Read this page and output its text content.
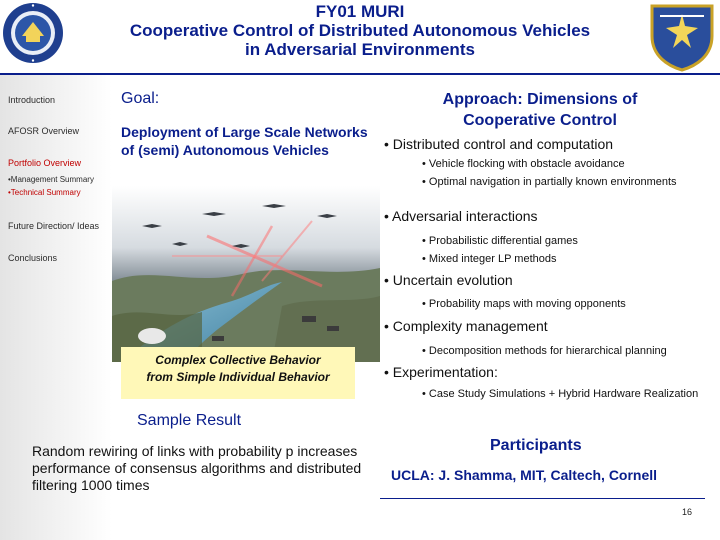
FY01 MURI
Cooperative Control of Distributed Autonomous Vehicles
in Adversarial Environments
Introduction
AFOSR Overview
Portfolio Overview
•Management Summary
•Technical Summary
Future Direction/ Ideas
Conclusions
Goal:
Deployment of Large Scale Networks of (semi) Autonomous Vehicles
Complex Collective Behavior
from Simple Individual Behavior
Sample Result
Random rewiring of links with probability p increases performance of consensus algorithms and distributed filtering 1000 times
Approach: Dimensions of
Cooperative Control
• Distributed control and computation
• Vehicle flocking with obstacle avoidance
• Optimal navigation in partially known environments
• Adversarial interactions
• Probabilistic differential games
• Mixed integer LP methods
• Uncertain evolution
• Probability maps with moving opponents
• Complexity management
• Decomposition methods for hierarchical planning
• Experimentation:
• Case Study Simulations + Hybrid Hardware Realization
Participants
UCLA: J. Shamma, MIT, Caltech, Cornell
16
